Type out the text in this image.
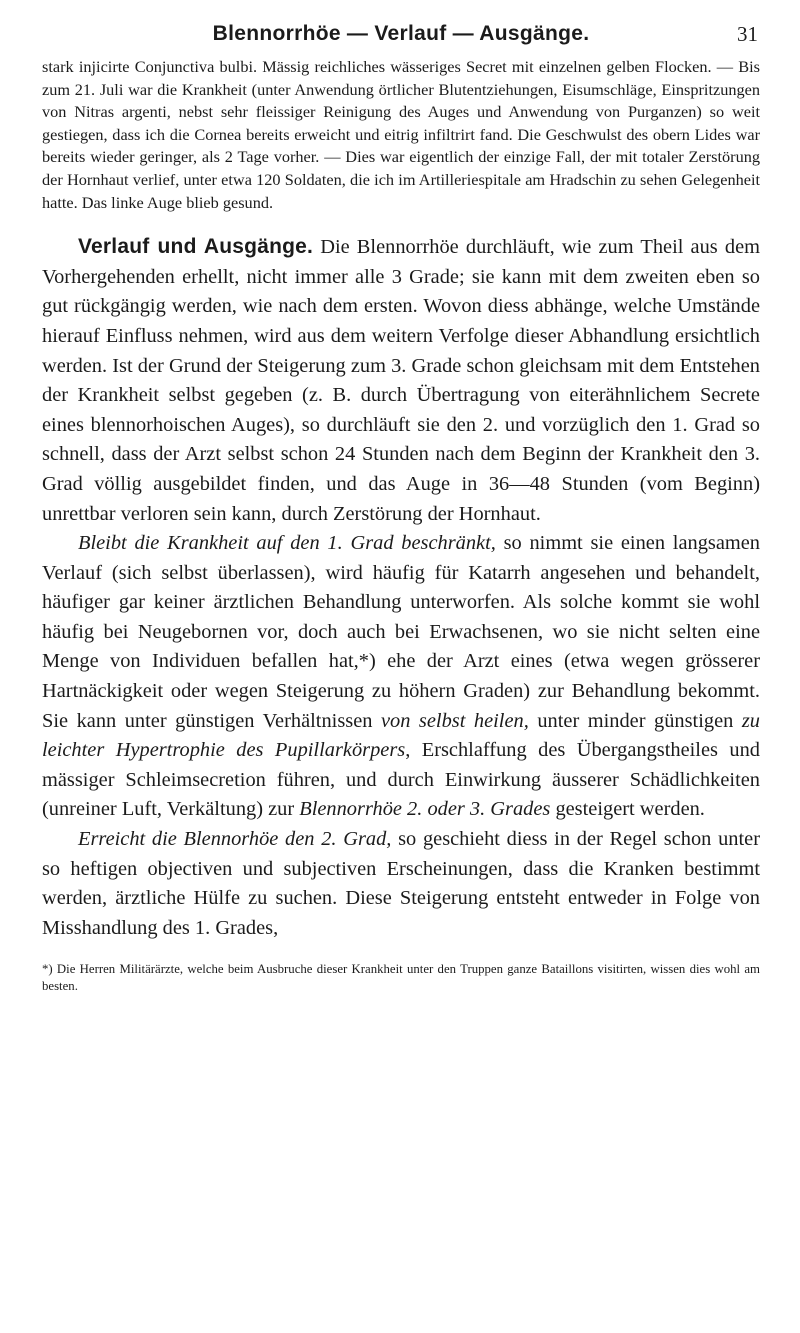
Blennorrhöe — Verlauf — Ausgänge.	31

stark injicirte Conjunctiva bulbi. Mässig reichliches wässeriges Secret mit einzelnen gelben Flocken. — Bis zum 21. Juli war die Krankheit (unter Anwendung örtlicher Blutentziehungen, Eisumschläge, Einspritzungen von Nitras argenti, nebst sehr fleissiger Reinigung des Auges und Anwendung von Purganzen) so weit gestiegen, dass ich die Cornea bereits erweicht und eitrig infiltrirt fand. Die Geschwulst des obern Lides war bereits wieder geringer, als 2 Tage vorher. — Dies war eigentlich der einzige Fall, der mit totaler Zerstörung der Hornhaut verlief, unter etwa 120 Soldaten, die ich im Artilleriespitale am Hradschin zu sehen Gelegenheit hatte. Das linke Auge blieb gesund.

Verlauf und Ausgänge. Die Blennorrhöe durchläuft, wie zum Theil aus dem Vorhergehenden erhellt, nicht immer alle 3 Grade; sie kann mit dem zweiten eben so gut rückgängig werden, wie nach dem ersten. Wovon diess abhänge, welche Umstände hierauf Einfluss nehmen, wird aus dem weitern Verfolge dieser Abhandlung ersichtlich werden. Ist der Grund der Steigerung zum 3. Grade schon gleichsam mit dem Entstehen der Krankheit selbst gegeben (z. B. durch Übertragung von eiterähnlichem Secrete eines blennorhoischen Auges), so durchläuft sie den 2. und vorzüglich den 1. Grad so schnell, dass der Arzt selbst schon 24 Stunden nach dem Beginn der Krankheit den 3. Grad völlig ausgebildet finden, und das Auge in 36—48 Stunden (vom Beginn) unrettbar verloren sein kann, durch Zerstörung der Hornhaut.

Bleibt die Krankheit auf den 1. Grad beschränkt, so nimmt sie einen langsamen Verlauf (sich selbst überlassen), wird häufig für Katarrh angesehen und behandelt, häufiger gar keiner ärztlichen Behandlung unterworfen. Als solche kommt sie wohl häufig bei Neugebornen vor, doch auch bei Erwachsenen, wo sie nicht selten eine Menge von Individuen befallen hat,*) ehe der Arzt eines (etwa wegen grösserer Hartnäckigkeit oder wegen Steigerung zu höhern Graden) zur Behandlung bekommt. Sie kann unter günstigen Verhältnissen von selbst heilen, unter minder günstigen zu leichter Hypertrophie des Pupillarkörpers, Erschlaffung des Übergangstheiles und mässiger Schleimsecretion führen, und durch Einwirkung äusserer Schädlichkeiten (unreiner Luft, Verkältung) zur Blennorrhöe 2. oder 3. Grades gesteigert werden.

Erreicht die Blennorhöe den 2. Grad, so geschieht diess in der Regel schon unter so heftigen objectiven und subjectiven Erscheinungen, dass die Kranken bestimmt werden, ärztliche Hülfe zu suchen. Diese Steigerung entsteht entweder in Folge von Misshandlung des 1. Grades,

*) Die Herren Militärärzte, welche beim Ausbruche dieser Krankheit unter den Truppen ganze Bataillons visitirten, wissen dies wohl am besten.
